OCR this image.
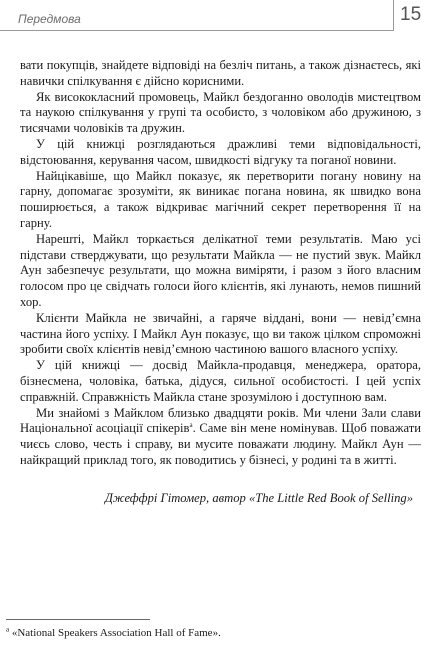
Передмова	15

вати покупців, знайдете відповіді на безліч питань, а також дізнаєтесь, які навички спілкування є дійсно корисними.

Як висококласний промовець, Майкл бездоганно оволодів мистецтвом та наукою спілкування у групі та особисто, з чоловіком або дружиною, з тисячами чоловіків та дружин.

У цій книжці розглядаються дражливі теми відповідальності, відстоювання, керування часом, швидкості відгуку та поганої новини.

Найцікавіше, що Майкл показує, як перетворити погану новину на гарну, допомагає зрозуміти, як виникає погана новина, як швидко вона поширюється, а також відкриває магічний секрет перетворення її на гарну.

Нарешті, Майкл торкається делікатної теми результатів. Маю усі підстави стверджувати, що результати Майкла — не пустий звук. Майкл Аун забезпечує результати, що можна виміряти, і разом з його власним голосом про це свідчать голоси його клієнтів, які лунають, немов пишний хор.

Клієнти Майкла не звичайні, а гаряче віддані, вони — невід’ємна частина його успіху. І Майкл Аун показує, що ви також цілком спроможні зробити своїх клієнтів невід’ємною частиною вашого власного успіху.

У цій книжці — досвід Майкла-продавця, менеджера, оратора, бізнесмена, чоловіка, батька, дідуся, сильної особистості. І цей успіх справжній. Справжність Майкла стане зрозумілою і доступною вам.

Ми знайомі з Майклом близько двадцяти років. Ми члени Зали слави Національної асоціації спікерів$^a$. Саме він мене номінував. Щоб поважати чиєсь слово, честь і справу, ви мусите поважати людину. Майкл Аун — найкращий приклад того, як поводитись у бізнесі, у родині та в житті.

Джеффрі Гітомер, автор «The Little Red Book of Selling»
$^a$ «National Speakers Association Hall of Fame».
